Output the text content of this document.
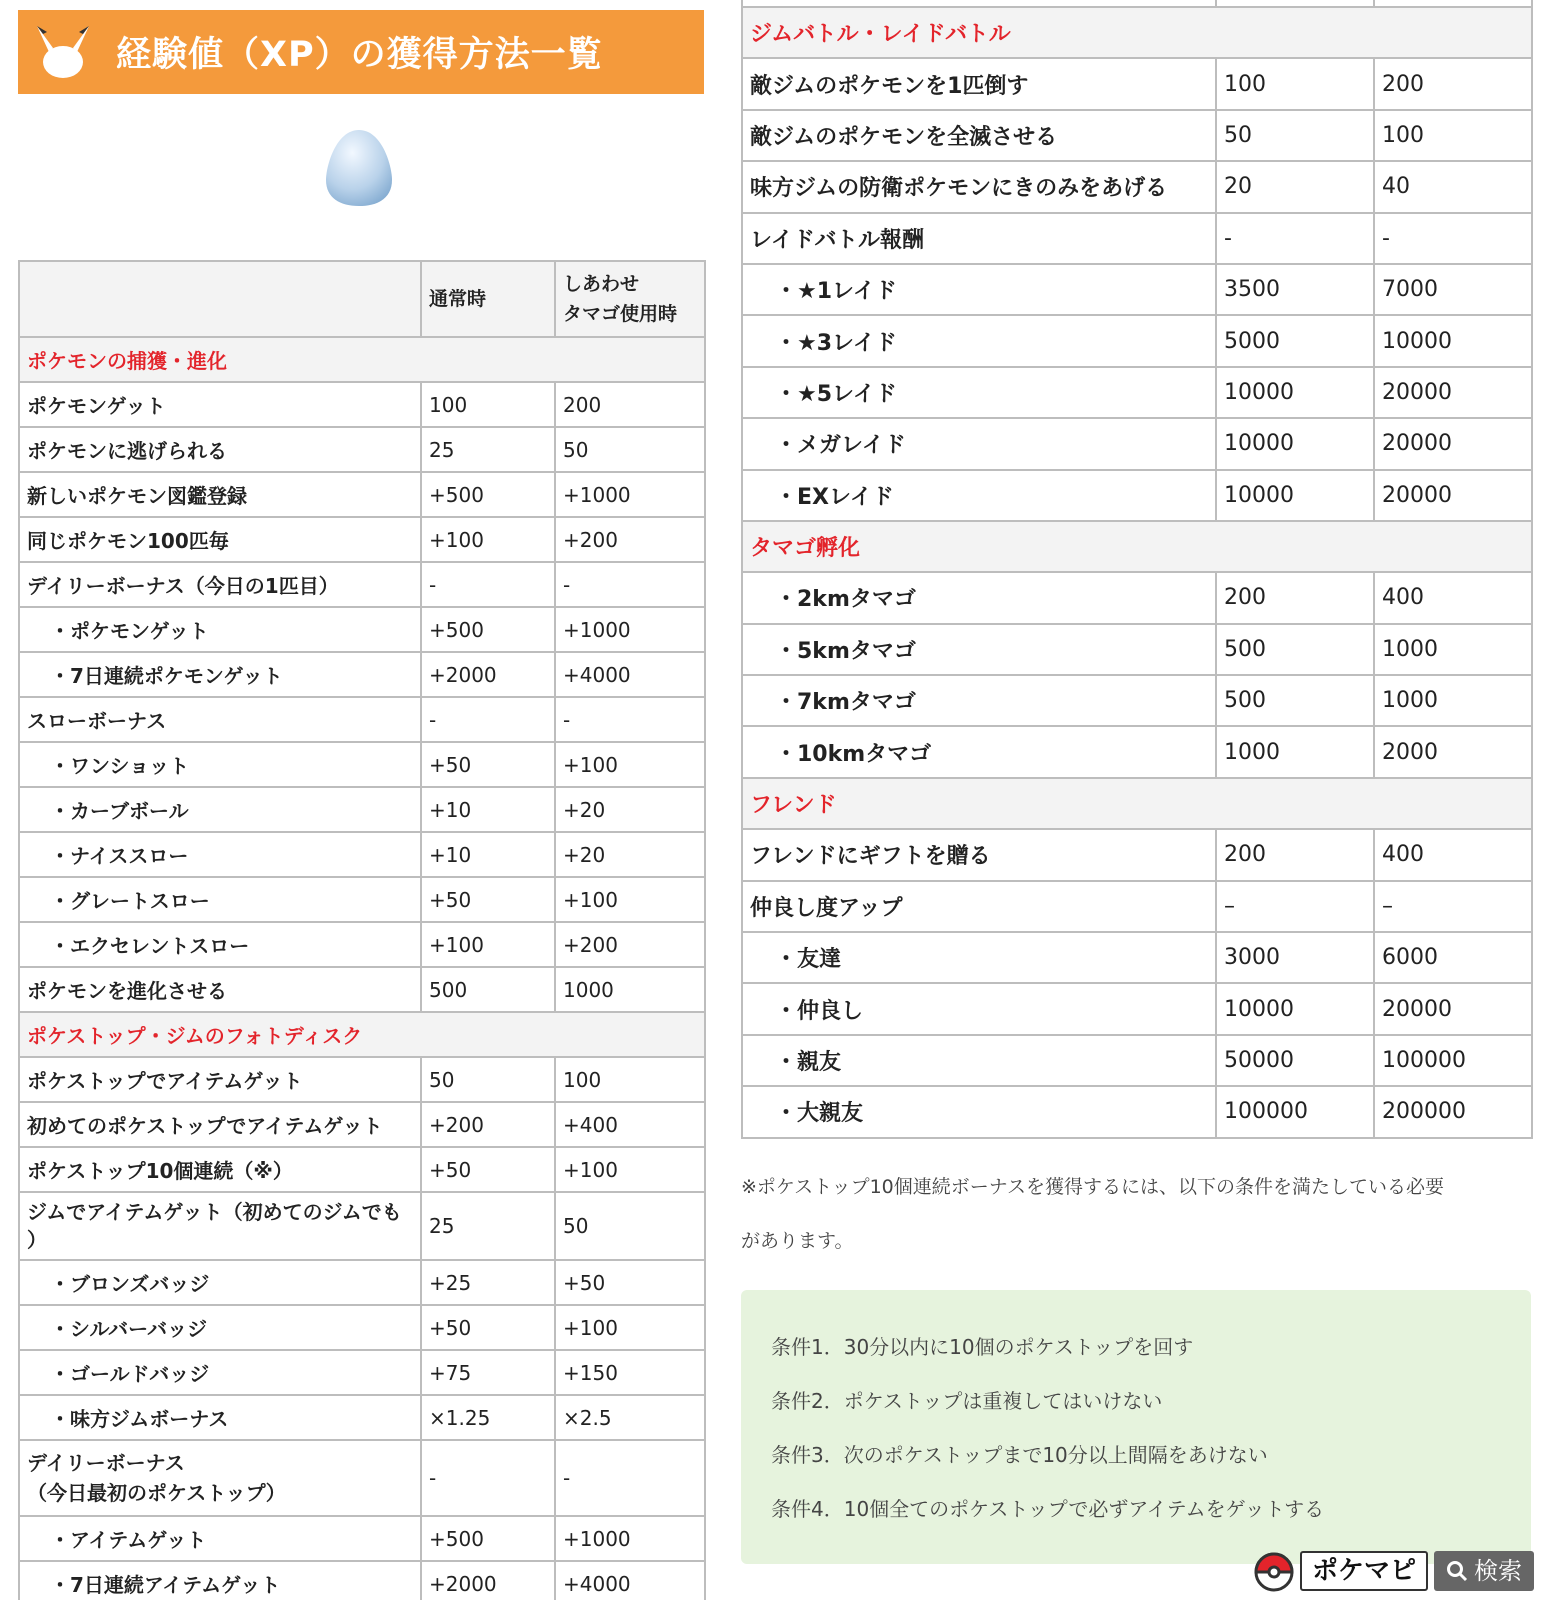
経験値（XP）の獲得方法一覧
	通常時	しあわせ
タマゴ使用時
ポケモンの捕獲・進化		
ポケモンゲット	100	200
ポケモンに逃げられる	25	50
新しいポケモン図鑑登録	+500	+1000
同じポケモン100匹毎	+100	+200
デイリーボーナス（今日の1匹目）	-	-
・ポケモンゲット	+500	+1000
・7日連続ポケモンゲット	+2000	+4000
スローボーナス	-	-
・ワンショット	+50	+100
・カーブボール	+10	+20
・ナイススロー	+10	+20
・グレートスロー	+50	+100
・エクセレントスロー	+100	+200
ポケモンを進化させる	500	1000
ポケストップ・ジムのフォトディスク		
ポケストップでアイテムゲット	50	100
初めてのポケストップでアイテムゲット	+200	+400
ポケストップ10個連続（※）	+50	+100
ジムでアイテムゲット（初めてのジムでも
）	25	50
・ブロンズバッジ	+25	+50
・シルバーバッジ	+50	+100
・ゴールドバッジ	+75	+150
・味方ジムボーナス	×1.25	×2.5
デイリーボーナス
（今日最初のポケストップ）	-	-
・アイテムゲット	+500	+1000
・7日連続アイテムゲット	+2000	+4000

ジムバトル・レイドバトル		
敵ジムのポケモンを1匹倒す	100	200
敵ジムのポケモンを全滅させる	50	100
味方ジムの防衛ポケモンにきのみをあげる	20	40
レイドバトル報酬	-	-
・★1レイド	3500	7000
・★3レイド	5000	10000
・★5レイド	10000	20000
・メガレイド	10000	20000
・EXレイド	10000	20000
タマゴ孵化		
・2kmタマゴ	200	400
・5kmタマゴ	500	1000
・7kmタマゴ	500	1000
・10kmタマゴ	1000	2000
フレンド		
フレンドにギフトを贈る	200	400
仲良し度アップ	–	–
・友達	3000	6000
・仲良し	10000	20000
・親友	50000	100000
・大親友	100000	200000
※ポケストップ10個連続ボーナスを獲得するには、以下の条件を満たしている必要
があります。
条件1．30分以内に10個のポケストップを回す
条件2．ポケストップは重複してはいけない
条件3．次のポケストップまで10分以上間隔をあけない
条件4．10個全てのポケストップで必ずアイテムをゲットする
ポケマピ	検索
